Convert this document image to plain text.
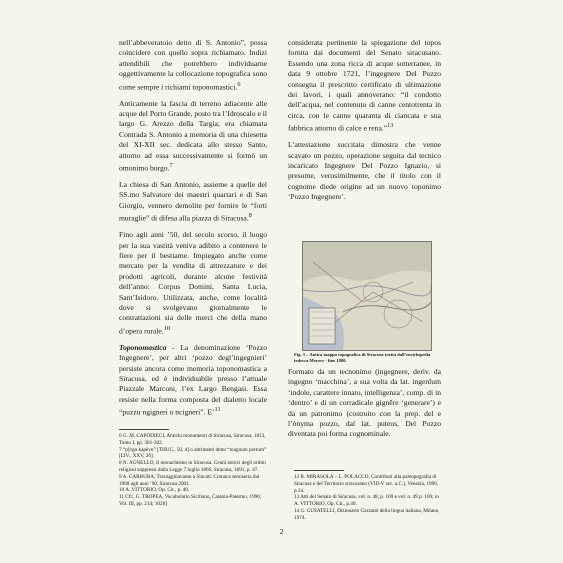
nell’abbeveratoio detto di S. Antonio”, possa coincidere con quello sopra richiamato. Indizi attendibili che potrebbero individuarne oggettivamente la collocazione topografica sono come sempre i richiami toponomastici.$^6$

Anticamente la fascia di terreno adiacente alle acque del Porto Grande, posto tra l’Idroscalo e il largo G. Arezzo della Targia; era chiamata Contrada S. Antonio a memoria di una chiesetta del XI-XII sec. dedicata allo stesso Santo, attorno ad essa successivamente si formò un omonimo borgo.$^7$

La chiesa di San Antonio, assieme a quelle del SS.mo Salvatore dei maestri quartari e di San Giorgio, vennero demolite per fornire le “forti muraglie” di difesa alla piazza di Siracusa.$^8$

Fino agli anni ’50, del secolo scorso, il luogo per la sua vastità veniva adibito a contenere le fiere per il bestiame. Impiegato anche come mercato per la vendita di attrezzature e dei prodotti agricoli, durante alcune festività dell’anno: Corpus Domini, Santa Lucia, Sant’Isidoro. Utilizzata, anche, come località dove si svolgevano giornalmente le contrattazioni sia delle merci che della mano d’opera rurale.$^{10}$

Toponomastica - La denominazione ‘Pozzo Ingegnere’, per altri ‘pozzo degl’ingegnieri’ persiste ancora come memoria toponomastica a Siracusa, ed è individuabile presso l’attuale Piazzale Marconi, l’ex Largo Bengasi. Essa resiste nella forma composta del dialetto locale “puzzu ngigneri o ncigneri”. E’$^{11}$

6 G. M. CAPODIECI, Antichi monumenti di Siracusa, Siracusa, 1813, Tomo I, pp. 301-302.

7 “pŷrgo kapêvn” [THUC., 50, 4] o altrimenti detto “magnum portum” [LIV., XXV, 26].

8 N. AGNELLO, Il monachismo in Siracusa. Cenni storici degli ordini religiosi soppressi dalla Legge 7 luglio 1866, Siracusa, 1891, p. 47.

9 A. CARBUBA, Travagghiavamu a Sìncati. Cronaca semiseria dal 1968 agli anni ’90, Siracusa 2001.

10 A. VITTORIO, Op. Cit., p. 40.

11 Cfr., G. TROPEA, Vocabolario Siciliano, Catania-Palermo, 1990, Vol. III, pp. 214; 1028]

considerata pertinente la spiegazione del topos fornita dai documenti del Senato siracusano. Essendo una zona ricca di acque sotterranee, in data 9 ottobre 1721, l’ingegnere Del Pozzo consegna il prescritto certificato di ultimazione dei lavori, i quali annoverano: “il condotto dell’acqua, nel contenuto di canne centotrenta in circa, con le canne quaranta di ciancata e sua fabbrica attorno di calce e rena.”$^{13}$

L’attestazione succitata dimostra che venne scavato un pozzo, operazione seguita dal tecnico incaricato Ingegnere Del Pozzo Ignazio, si presume, verosimilmente, che il titolo con il cognome diede origine ad un nuovo toponimo ‘Pozzo Ingegnere’.

Fig. 3 – Antica mappa topografica di Siracusa tratta dall’enciclopedia tedesca Meyers - fine 1800.

Formato da un tecnonimo (ingegnere, deriv. da ingegno ‘macchina’, a sua volta da lat. ingenĭum ‘indole, carattere innato, intelligenza’, comp. di in ‘dentro’ e di un corradicale gignĕre ‘generare’) e da un patronimo (costruito con la prep. del e l’ònyma pozzo, dal lat. puteus, Del Pozzo diventata poi forma cognominale.

12 R. MIRASOLA – L. POLACCO, Contributi alla paleopografia di Siracusa e del Territorio siracusano (VIII-V sec. a.C.), Venezia, 1996, p.34.

13 Atti del Senato di Siracusa, vol. n. 48, p. 169 e vol. n. 49 p. 169; in A. VITTORIO, Op. Cit., p.40.

14 G. CUSATELLI, Dizionario Garzanti della lingua italiana, Milano, 1974.

2
